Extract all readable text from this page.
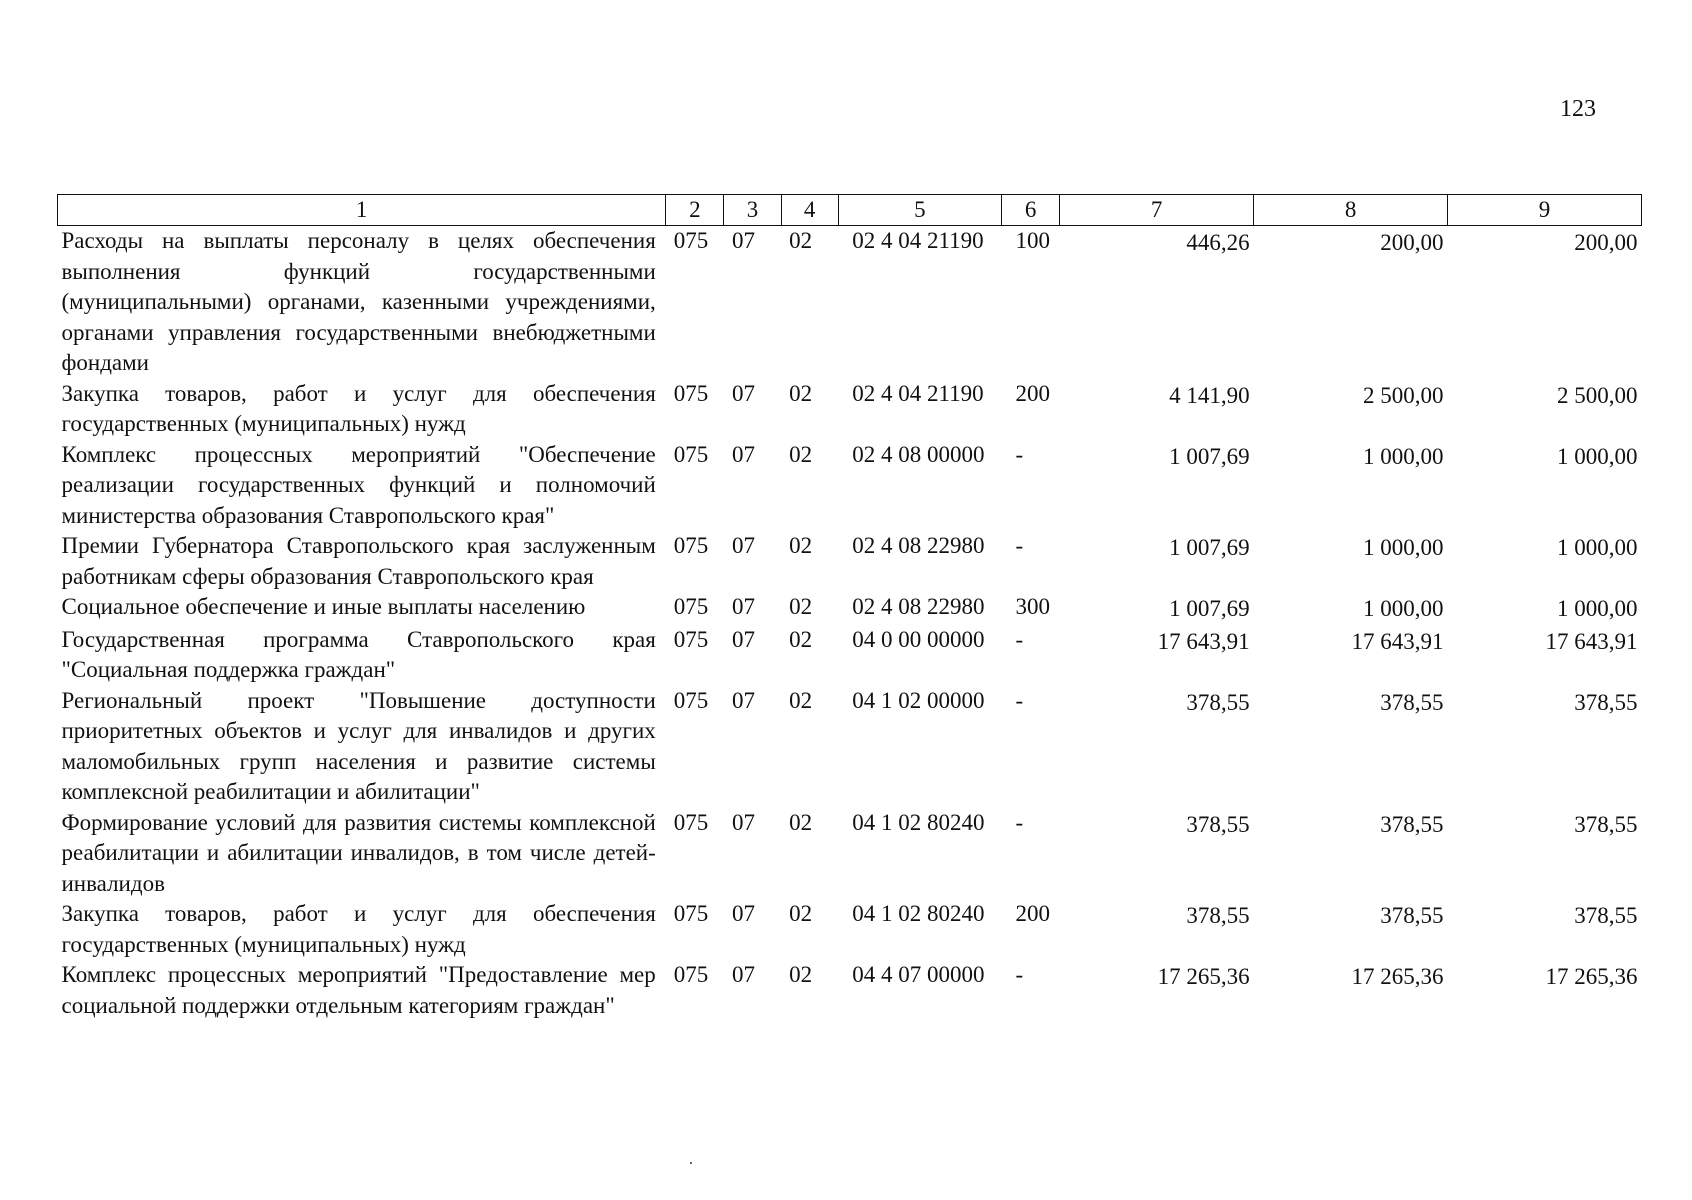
123
1	2	3	4	5	6	7	8	9
Расходы на выплаты персоналу в целях обеспечения выполнения функций государственными (муниципальными) органами, казенными учреждениями, органами управления государственными внебюджетными фондами	075	07	02	02 4 04 21190	100	446,26	200,00	200,00
Закупка товаров, работ и услуг для обеспечения государственных (муниципальных) нужд	075	07	02	02 4 04 21190	200	4 141,90	2 500,00	2 500,00
Комплекс процессных мероприятий "Обеспечение реализации государственных функций и полномочий министерства образования Ставропольского края"	075	07	02	02 4 08 00000	-	1 007,69	1 000,00	1 000,00
Премии Губернатора Ставропольского края заслуженным работникам сферы образования Ставропольского края	075	07	02	02 4 08 22980	-	1 007,69	1 000,00	1 000,00
Социальное обеспечение и иные выплаты населению	075	07	02	02 4 08 22980	300	1 007,69	1 000,00	1 000,00
Государственная программа Ставропольского края "Социальная поддержка граждан"	075	07	02	04 0 00 00000	-	17 643,91	17 643,91	17 643,91
Региональный проект "Повышение доступности приоритетных объектов и услуг для инвалидов и других маломобильных групп населения и развитие системы комплексной реабилитации и абилитации"	075	07	02	04 1 02 00000	-	378,55	378,55	378,55
Формирование условий для развития системы комплексной реабилитации и абилитации инвалидов, в том числе детей-инвалидов	075	07	02	04 1 02 80240	-	378,55	378,55	378,55
Закупка товаров, работ и услуг для обеспечения государственных (муниципальных) нужд	075	07	02	04 1 02 80240	200	378,55	378,55	378,55
Комплекс процессных мероприятий "Предоставление мер социальной поддержки отдельным категориям граждан"	075	07	02	04 4 07 00000	-	17 265,36	17 265,36	17 265,36
